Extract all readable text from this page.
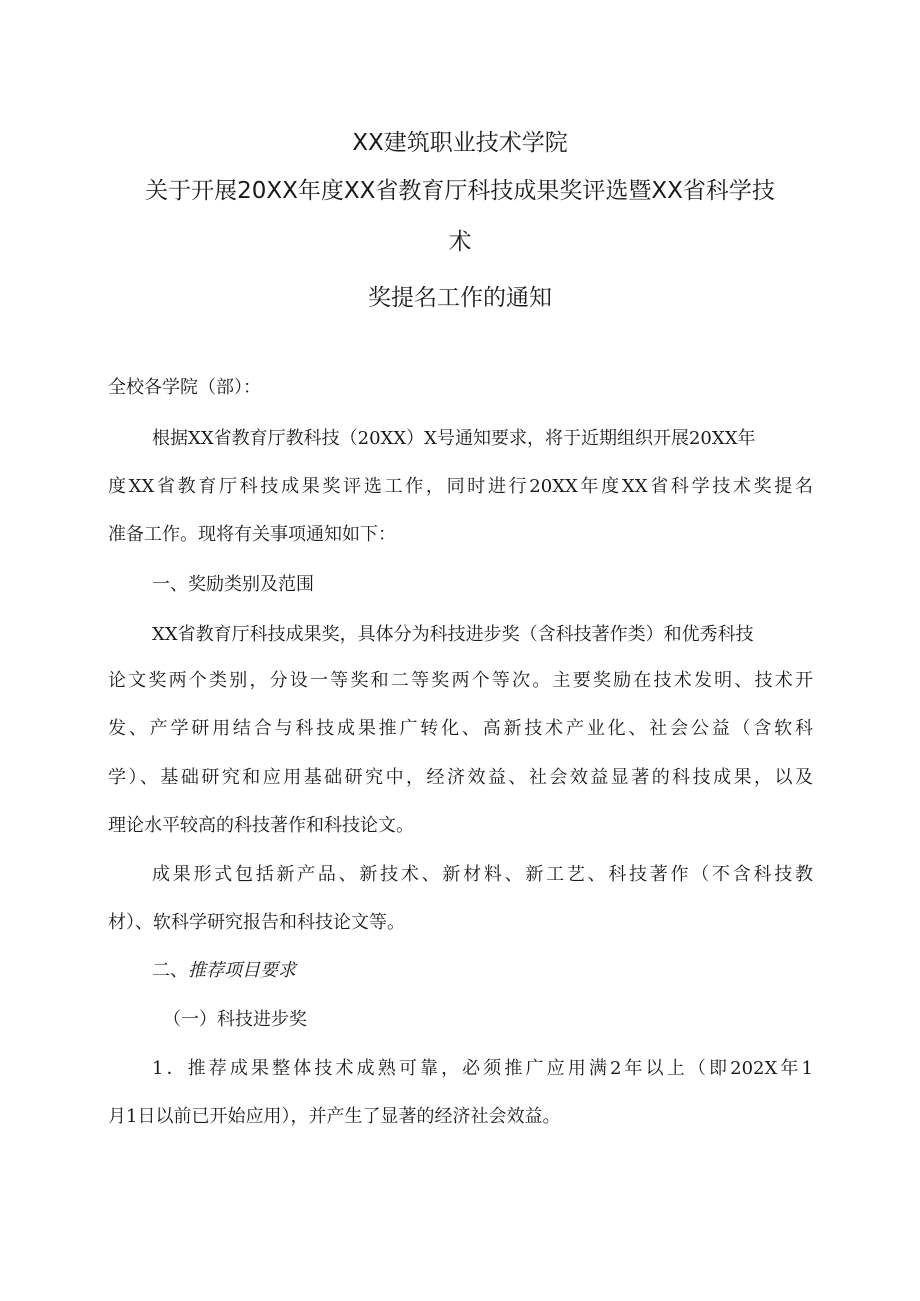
XX建筑职业技术学院
关于开展20XX年度XX省教育厅科技成果奖评选暨XX省科学技
术
奖提名工作的通知
全校各学院（部）：
根据XX省教育厅教科技（20XX）X号通知要求，将于近期组织开展20XX年
度XX省教育厅科技成果奖评选工作，同时进行20XX年度XX省科学技术奖提名
准备工作。现将有关事项通知如下：
一、奖励类别及范围
XX省教育厅科技成果奖，具体分为科技进步奖（含科技著作类）和优秀科技
论文奖两个类别，分设一等奖和二等奖两个等次。主要奖励在技术发明、技术开
发、产学研用结合与科技成果推广转化、高新技术产业化、社会公益（含软科
学）、基础研究和应用基础研究中，经济效益、社会效益显著的科技成果，以及
理论水平较高的科技著作和科技论文。
成果形式包括新产品、新技术、新材料、新工艺、科技著作（不含科技教
材）、软科学研究报告和科技论文等。
二、推荐项目要求
（一）科技进步奖
1．推荐成果整体技术成熟可靠，必须推广应用满2年以上（即202X年1
月1日以前已开始应用），并产生了显著的经济社会效益。
